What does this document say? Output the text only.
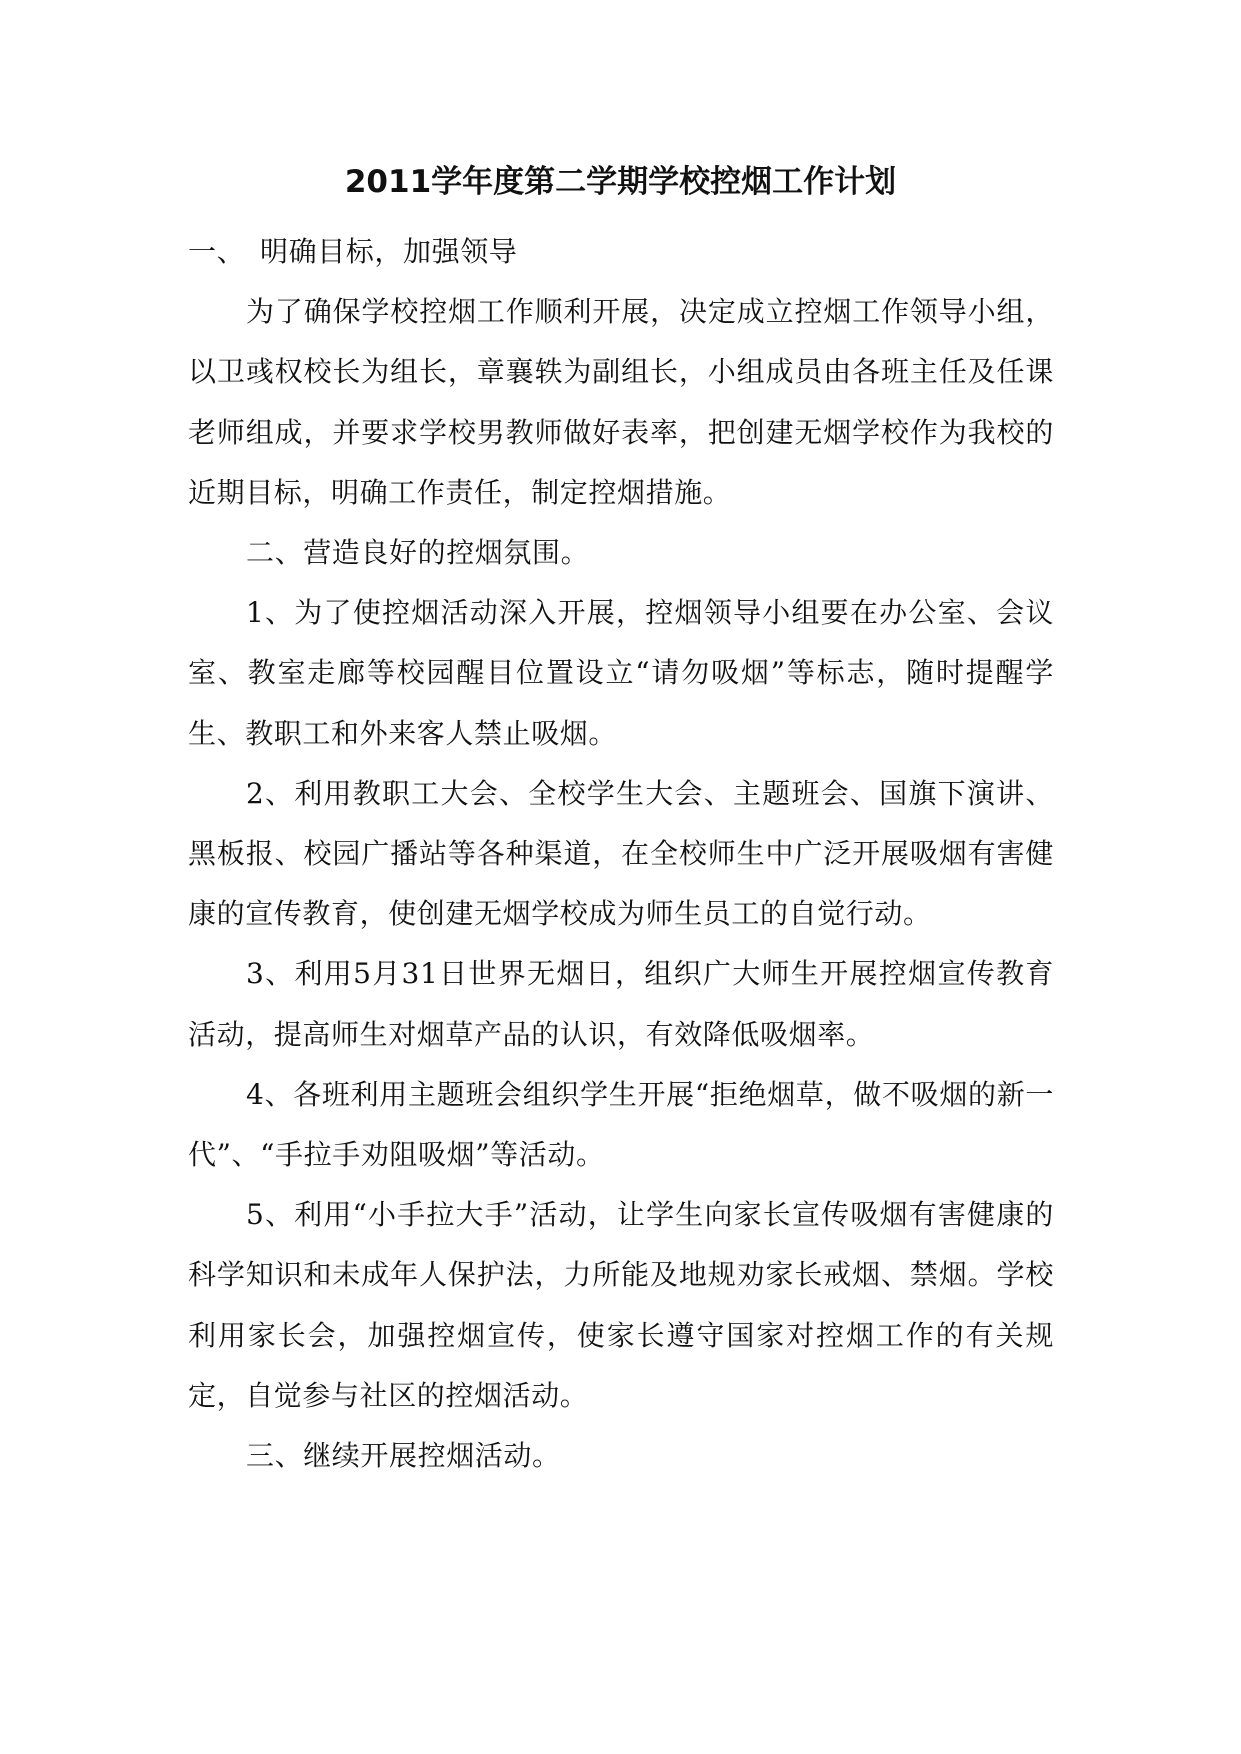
2011学年度第二学期学校控烟工作计划

一、 明确目标，加强领导

为了确保学校控烟工作顺利开展，决定成立控烟工作领导小组，以卫彧权校长为组长，章襄轶为副组长，小组成员由各班主任及任课老师组成，并要求学校男教师做好表率，把创建无烟学校作为我校的近期目标，明确工作责任，制定控烟措施。

二、营造良好的控烟氛围。

1、为了使控烟活动深入开展，控烟领导小组要在办公室、会议室、教室走廊等校园醒目位置设立“请勿吸烟”等标志，随时提醒学生、教职工和外来客人禁止吸烟。

2、利用教职工大会、全校学生大会、主题班会、国旗下演讲、黑板报、校园广播站等各种渠道，在全校师生中广泛开展吸烟有害健康的宣传教育，使创建无烟学校成为师生员工的自觉行动。

3、利用5月31日世界无烟日，组织广大师生开展控烟宣传教育活动，提高师生对烟草产品的认识，有效降低吸烟率。

4、各班利用主题班会组织学生开展“拒绝烟草，做不吸烟的新一代”、“手拉手劝阻吸烟”等活动。

5、利用“小手拉大手”活动，让学生向家长宣传吸烟有害健康的科学知识和未成年人保护法，力所能及地规劝家长戒烟、禁烟。学校利用家长会，加强控烟宣传，使家长遵守国家对控烟工作的有关规定，自觉参与社区的控烟活动。

三、继续开展控烟活动。
